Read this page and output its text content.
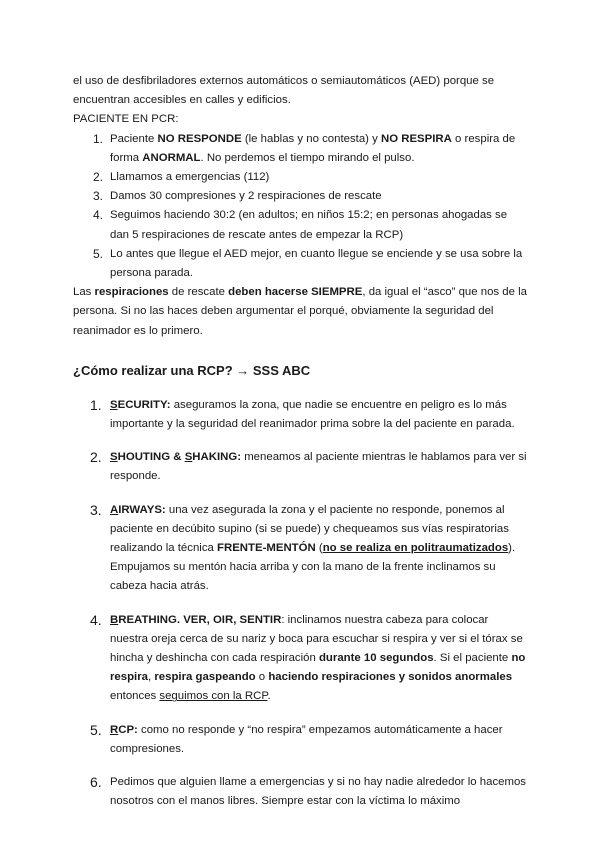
el uso de desfibriladores externos automáticos o semiautomáticos (AED) porque se encuentran accesibles en calles y edificios.

PACIENTE EN PCR:

1. Paciente NO RESPONDE (le hablas y no contesta) y NO RESPIRA o respira de forma ANORMAL. No perdemos el tiempo mirando el pulso.
2. Llamamos a emergencias (112)
3. Damos 30 compresiones y 2 respiraciones de rescate
4. Seguimos haciendo 30:2 (en adultos; en niños 15:2; en personas ahogadas se dan 5 respiraciones de rescate antes de empezar la RCP)
5. Lo antes que llegue el AED mejor, en cuanto llegue se enciende y se usa sobre la persona parada.

Las respiraciones de rescate deben hacerse SIEMPRE, da igual el “asco” que nos de la persona. Si no las haces deben argumentar el porqué, obviamente la seguridad del reanimador es lo primero.

¿Cómo realizar una RCP? → SSS ABC
1. SECURITY: aseguramos la zona, que nadie se encuentre en peligro es lo más importante y la seguridad del reanimador prima sobre la del paciente en parada.
2. SHOUTING & SHAKING: meneamos al paciente mientras le hablamos para ver si responde.
3. AIRWAYS: una vez asegurada la zona y el paciente no responde, ponemos al paciente en decúbito supino (si se puede) y chequeamos sus vías respiratorias realizando la técnica FRENTE-MENTÓN (no se realiza en politraumatizados). Empujamos su mentón hacia arriba y con la mano de la frente inclinamos su cabeza hacia atrás.
4. BREATHING. VER, OIR, SENTIR: inclinamos nuestra cabeza para colocar nuestra oreja cerca de su nariz y boca para escuchar si respira y ver si el tórax se hincha y deshincha con cada respiración durante 10 segundos. Si el paciente no respira, respira gaspeando o haciendo respiraciones y sonidos anormales entonces seguimos con la RCP.
5. RCP: como no responde y “no respira” empezamos automáticamente a hacer compresiones.
6. Pedimos que alguien llame a emergencias y si no hay nadie alrededor lo hacemos nosotros con el manos libres. Siempre estar con la víctima lo máximo
